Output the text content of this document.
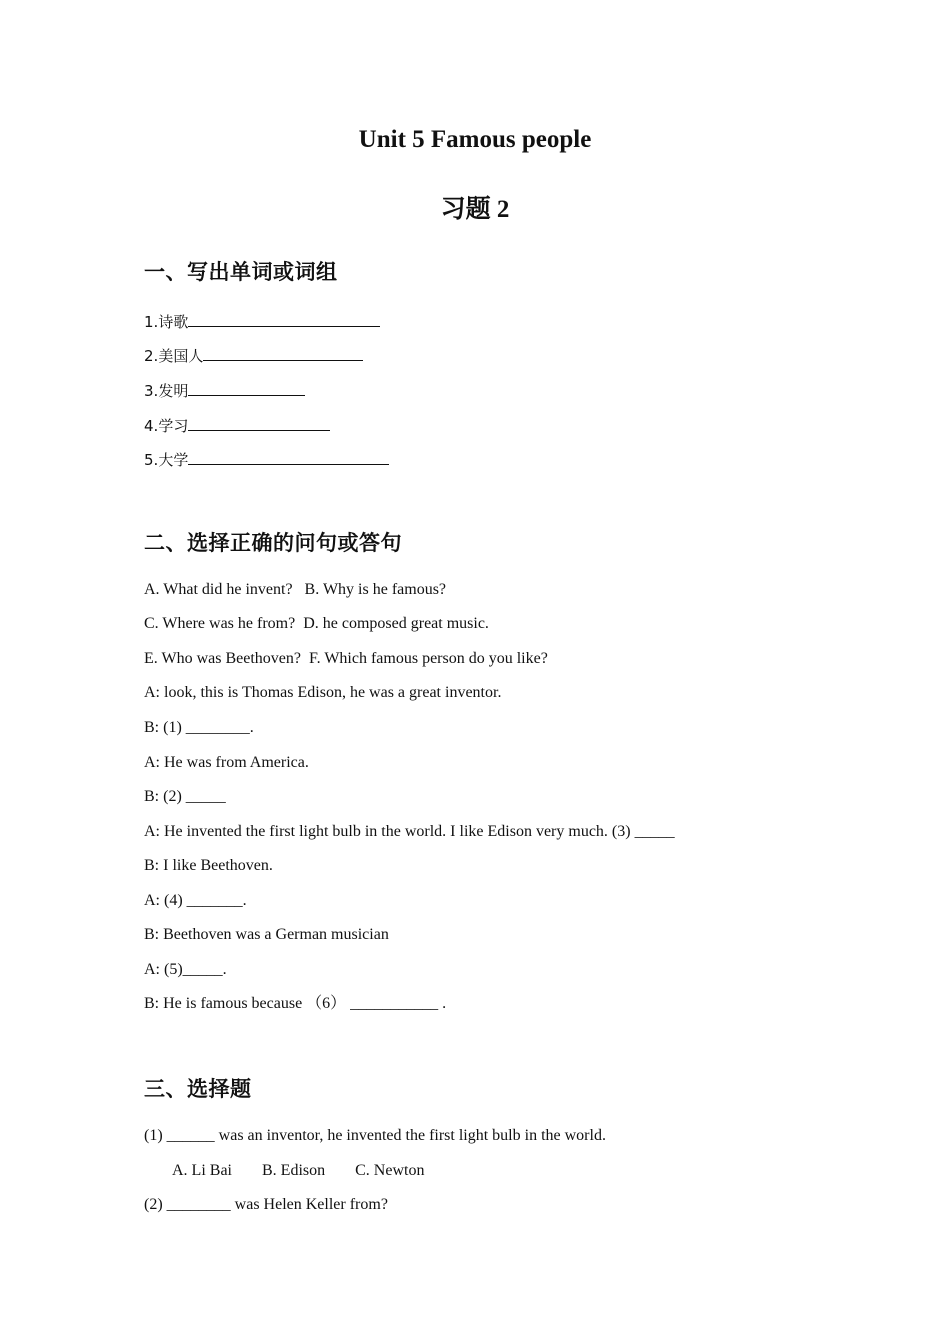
Unit 5 Famous people
习题 2
一、写出单词或词组

1.诗歌

2.美国人

3.发明

4.学习

5.大学

二、选择正确的问句或答句

A. What did he invent?   B. Why is he famous?

C. Where was he from?  D. he composed great music.

E. Who was Beethoven?  F. Which famous person do you like?

A: look, this is Thomas Edison, he was a great inventor.

B: (1) ________.

A: He was from America.

B: (2) _____

A: He invented the first light bulb in the world. I like Edison very much. (3) _____

B: I like Beethoven.

A: (4) _______.

B: Beethoven was a German musician

A: (5)_____.

B: He is famous because （6） ___________ .

三、选择题

(1) ______ was an inventor, he invented the first light bulb in the world.

A. Li Bai B. Edison C. Newton

(2) ________ was Helen Keller from?
